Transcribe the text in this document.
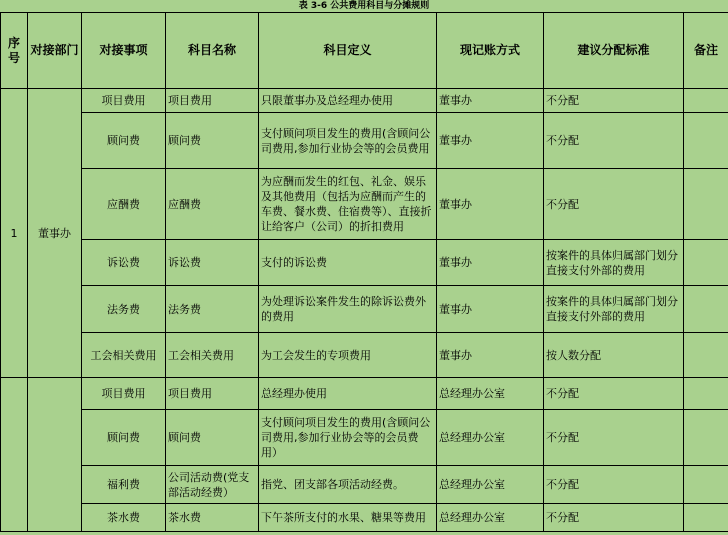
表 3-6 公共费用科目与分摊规则
序号	对接部门	对接事项	科目名称	科目定义	现记账方式	建议分配标准	备注
1	董事办	项目费用	项目费用	只限董事办及总经理办使用	董事办	不分配	
		顾问费	顾问费	支付顾问项目发生的费用(含顾问公司费用,参加行业协会等的会员费用	董事办	不分配	
		应酬费	应酬费	为应酬而发生的红包、礼金、娱乐及其他费用（包括为应酬而产生的车费、餐水费、住宿费等）、直接折让给客户（公司）的折扣费用	董事办	不分配	
		诉讼费	诉讼费	支付的诉讼费	董事办	按案件的具体归属部门划分直接支付外部的费用	
		法务费	法务费	为处理诉讼案件发生的除诉讼费外的费用	董事办	按案件的具体归属部门划分直接支付外部的费用	
		工会相关费用	工会相关费用	为工会发生的专项费用	董事办	按人数分配	
		项目费用	项目费用	总经理办使用	总经理办公室	不分配	
		顾问费	顾问费	支付顾问项目发生的费用(含顾问公司费用,参加行业协会等的会员费用）	总经理办公室	不分配	
		福利费	公司活动费(党支部活动经费）	指党、团支部各项活动经费。	总经理办公室	不分配	
		茶水费	茶水费	下午茶所支付的水果、糖果等费用	总经理办公室	不分配	
